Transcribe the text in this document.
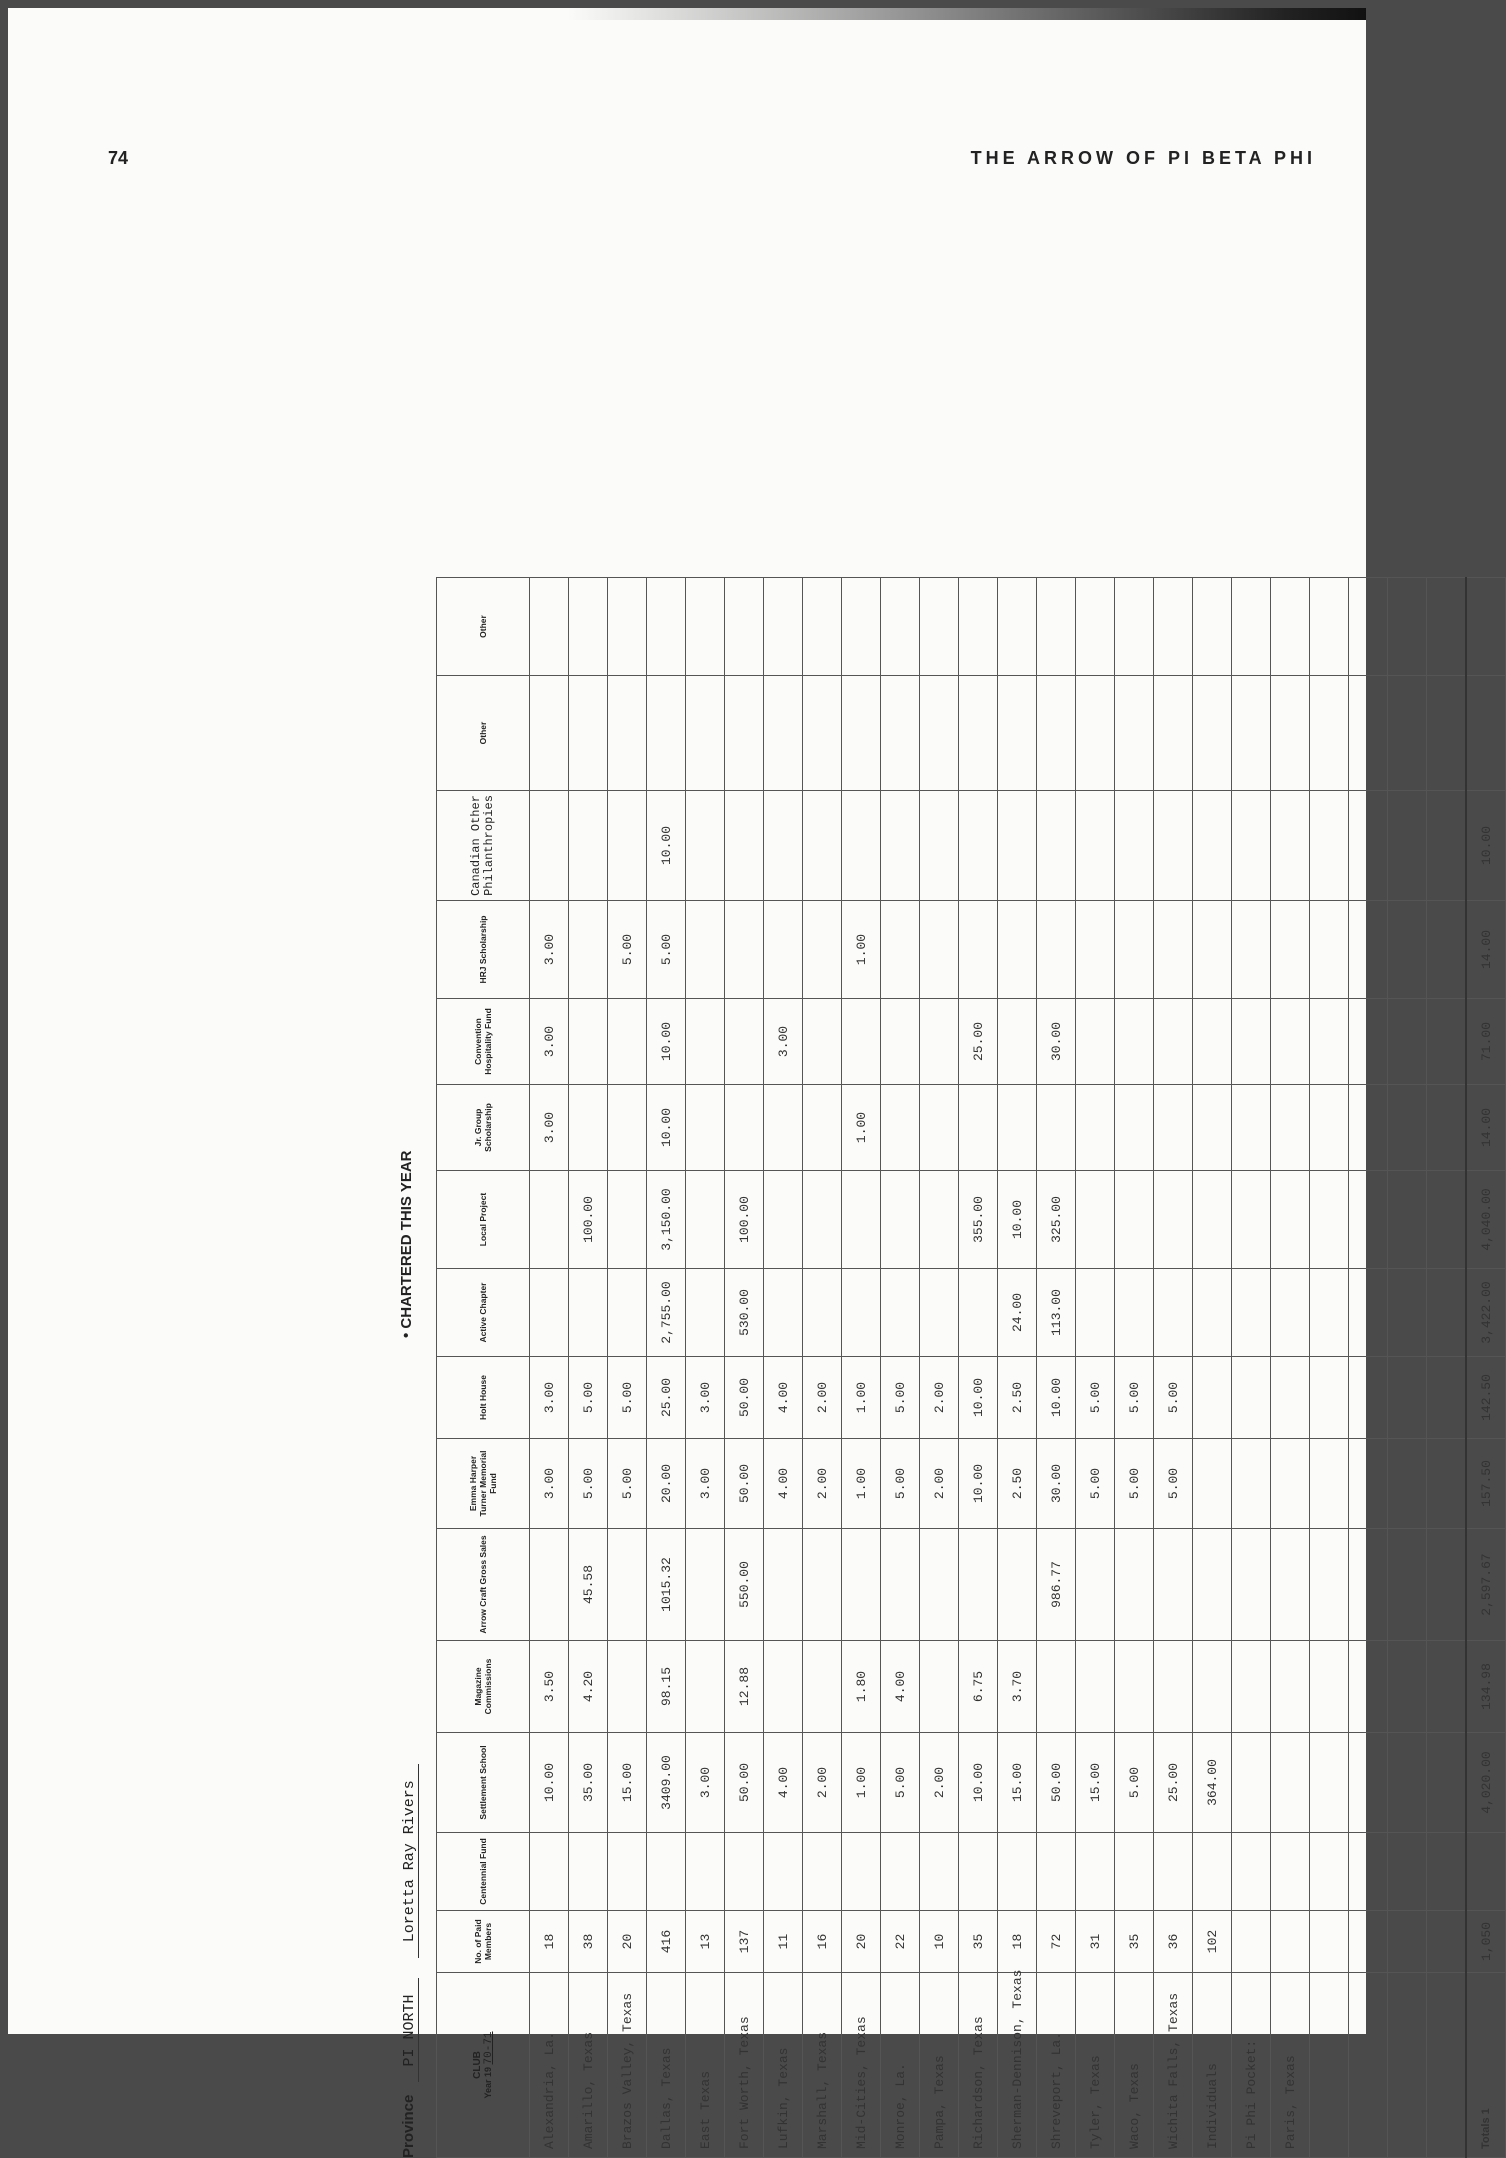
74	THE ARROW OF PI BETA PHI
Province PI NORTH Loretta Ray Rivers
• CHARTERED THIS YEAR
CLUB
Year 19 70-71	No. of Paid Members	Centennial Fund	Settlement School	Magazine Commissions	Arrow Craft Gross Sales	Emma Harper Turner Memorial Fund	Holt House	Active Chapter	Local Project	Jr. Group Scholarship	Convention Hospitality Fund	HRJ Scholarship	Canadian Other Philanthropies	Other	Other
Alexandria, La.	18		10.00	3.50		3.00	3.00			3.00	3.00	3.00			
Amarillo, Texas	38		35.00	4.20	45.58	5.00	5.00		100.00						
Brazos Valley, Texas	20		15.00			5.00	5.00					5.00			
Dallas, Texas	416		3409.00	98.15	1015.32	20.00	25.00	2,755.00	3,150.00	10.00	10.00	5.00	10.00		
East Texas	13		3.00			3.00	3.00								
Fort Worth, Texas	137		50.00	12.88	550.00	50.00	50.00	530.00	100.00						
Lufkin, Texas	11		4.00			4.00	4.00				3.00				
Marshall, Texas	16		2.00			2.00	2.00								
Mid-Cities, Texas	20		1.00	1.80		1.00	1.00			1.00		1.00			
Monroe, La.	22		5.00	4.00		5.00	5.00								
Pampa, Texas	10		2.00			2.00	2.00								
Richardson, Texas	35		10.00	6.75		10.00	10.00		355.00		25.00				
Sherman-Dennison, Texas	18		15.00	3.70		2.50	2.50	24.00	10.00						
Shreveport, La.	72		50.00		986.77	30.00	10.00	113.00	325.00		30.00				
Tyler, Texas	31		15.00			5.00	5.00								
Waco, Texas	35		5.00			5.00	5.00								
Wichita Falls, Texas	36		25.00			5.00	5.00								
Individuals	102		364.00												
Pi Phi Pocket:															
Paris, Texas															

Totals 1	1,050		4,020.00	134.98	2,597.67	157.50	142.50	3,422.00	4,040.00	14.00	71.00	14.00	10.00		
